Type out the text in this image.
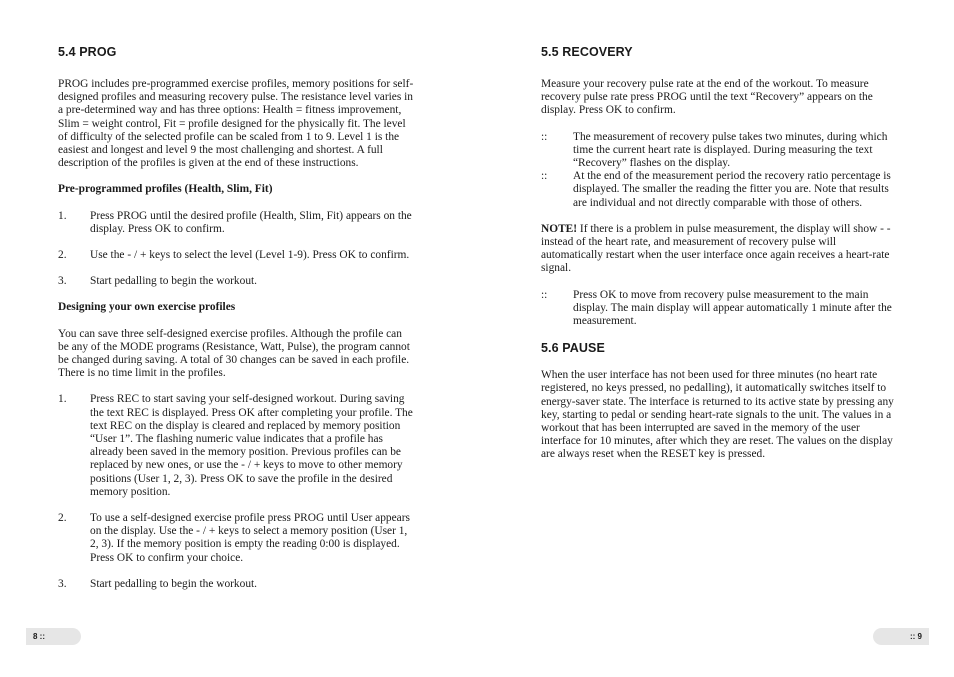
5.4 PROG

PROG includes pre-programmed exercise profiles, memory positions for self-designed profiles and measuring recovery pulse. The resistance level varies in a pre-determined way and has three options: Health = fitness improvement, Slim = weight control, Fit = profile designed for the physically fit. The level of difficulty of the selected profile can be scaled from 1 to 9. Level 1 is the easiest and longest and level 9 the most challenging and shortest. A full description of the profiles is given at the end of these instructions.

Pre-programmed profiles (Health, Slim, Fit)

1.	Press PROG until the desired profile (Health, Slim, Fit) appears on the display. Press OK to confirm.
2.	Use the - / + keys to select the level (Level 1-9). Press OK to confirm.
3.	Start pedalling to begin the workout.

Designing your own exercise profiles

You can save three self-designed exercise profiles. Although the profile can be any of the MODE programs (Resistance, Watt, Pulse), the program cannot be changed during saving. A total of 30 changes can be saved in each profile. There is no time limit in the profiles.

1.	Press REC to start saving your self-designed workout. During saving the text REC is displayed. Press OK after completing your profile. The text REC on the display is cleared and replaced by memory position “User 1”. The flashing numeric value indicates that a profile has already been saved in the memory position. Previous profiles can be replaced by new ones, or use the - / + keys to move to other memory positions (User 1, 2, 3). Press OK to save the profile in the desired memory position.
2.	To use a self-designed exercise profile press PROG until User appears on the display. Use the - / + keys to select a memory position (User 1, 2, 3). If the memory position is empty the reading 0:00 is displayed. Press OK to confirm your choice.
3.	Start pedalling to begin the workout.
5.5 RECOVERY

Measure your recovery pulse rate at the end of the workout. To measure recovery pulse rate press PROG until the text “Recovery” appears on the display. Press OK to confirm.

::	The measurement of recovery pulse takes two minutes, during which time the current heart rate is displayed. During measuring the text “Recovery” flashes on the display.
::	At the end of the measurement period the recovery ratio percentage is displayed. The smaller the reading the fitter you are. Note that results are individual and not directly comparable with those of others.

NOTE! If there is a problem in pulse measurement, the display will show - - instead of the heart rate, and measurement of recovery pulse will automatically restart when the user interface once again receives a heart-rate signal.

::	Press OK to move from recovery pulse measurement to the main display. The main display will appear automatically 1 minute after the measurement.
5.6 PAUSE

When the user interface has not been used for three minutes (no heart rate registered, no keys pressed, no pedalling), it automatically switches itself to energy-saver state. The interface is returned to its active state by pressing any key, starting to pedal or sending heart-rate signals to the unit. The values in a workout that has been interrupted are saved in the memory of the user interface for 10 minutes, after which they are reset. The values on the display are always reset when the RESET key is pressed.

8 ::	:: 9
